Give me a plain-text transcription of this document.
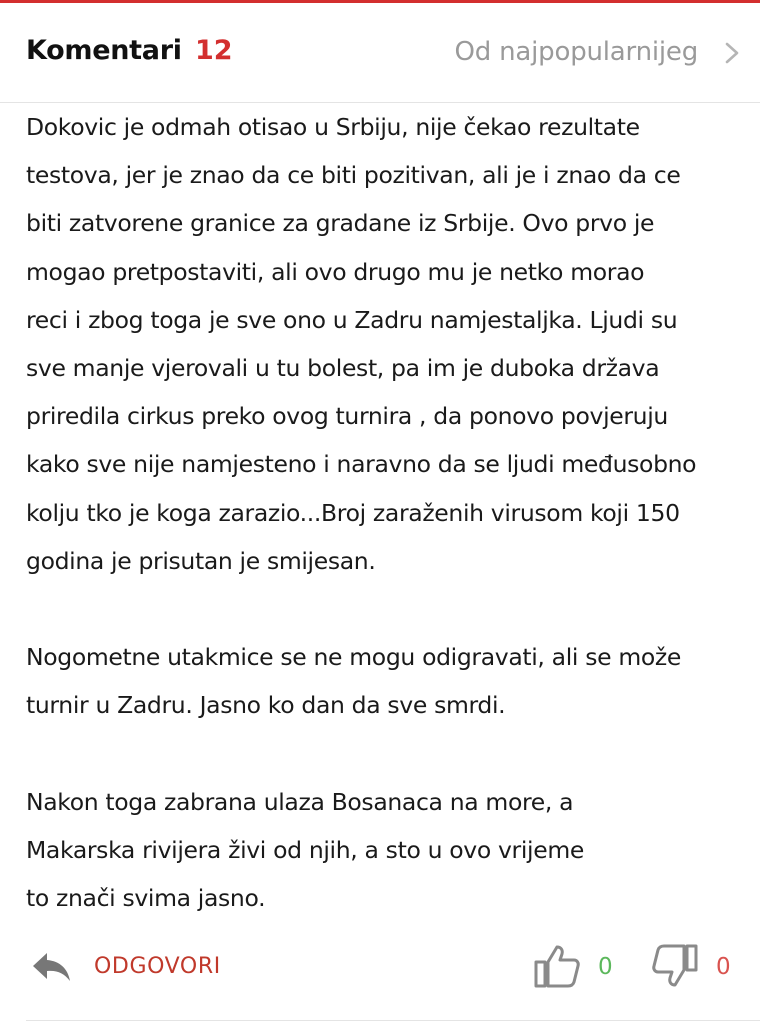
Komentari 12	Od najpopularnijeg
Dokovic je odmah otisao u Srbiju, nije čekao rezultate
testova, jer je znao da ce biti pozitivan, ali je i znao da ce
biti zatvorene granice za gradane iz Srbije. Ovo prvo je
mogao pretpostaviti, ali ovo drugo mu je netko morao
reci i zbog toga je sve ono u Zadru namjestaljka. Ljudi su
sve manje vjerovali u tu bolest, pa im je duboka država
priredila cirkus preko ovog turnira , da ponovo povjeruju
kako sve nije namjesteno i naravno da se ljudi međusobno
kolju tko je koga zarazio...Broj zaraženih virusom koji 150
godina je prisutan je smijesan.
Nogometne utakmice se ne mogu odigravati, ali se može
turnir u Zadru. Jasno ko dan da sve smrdi.
Nakon toga zabrana ulaza Bosanaca na more, a
Makarska rivijera živi od njih, a sto u ovo vrijeme
to znači svima jasno.
ODGOVORI	0	0
